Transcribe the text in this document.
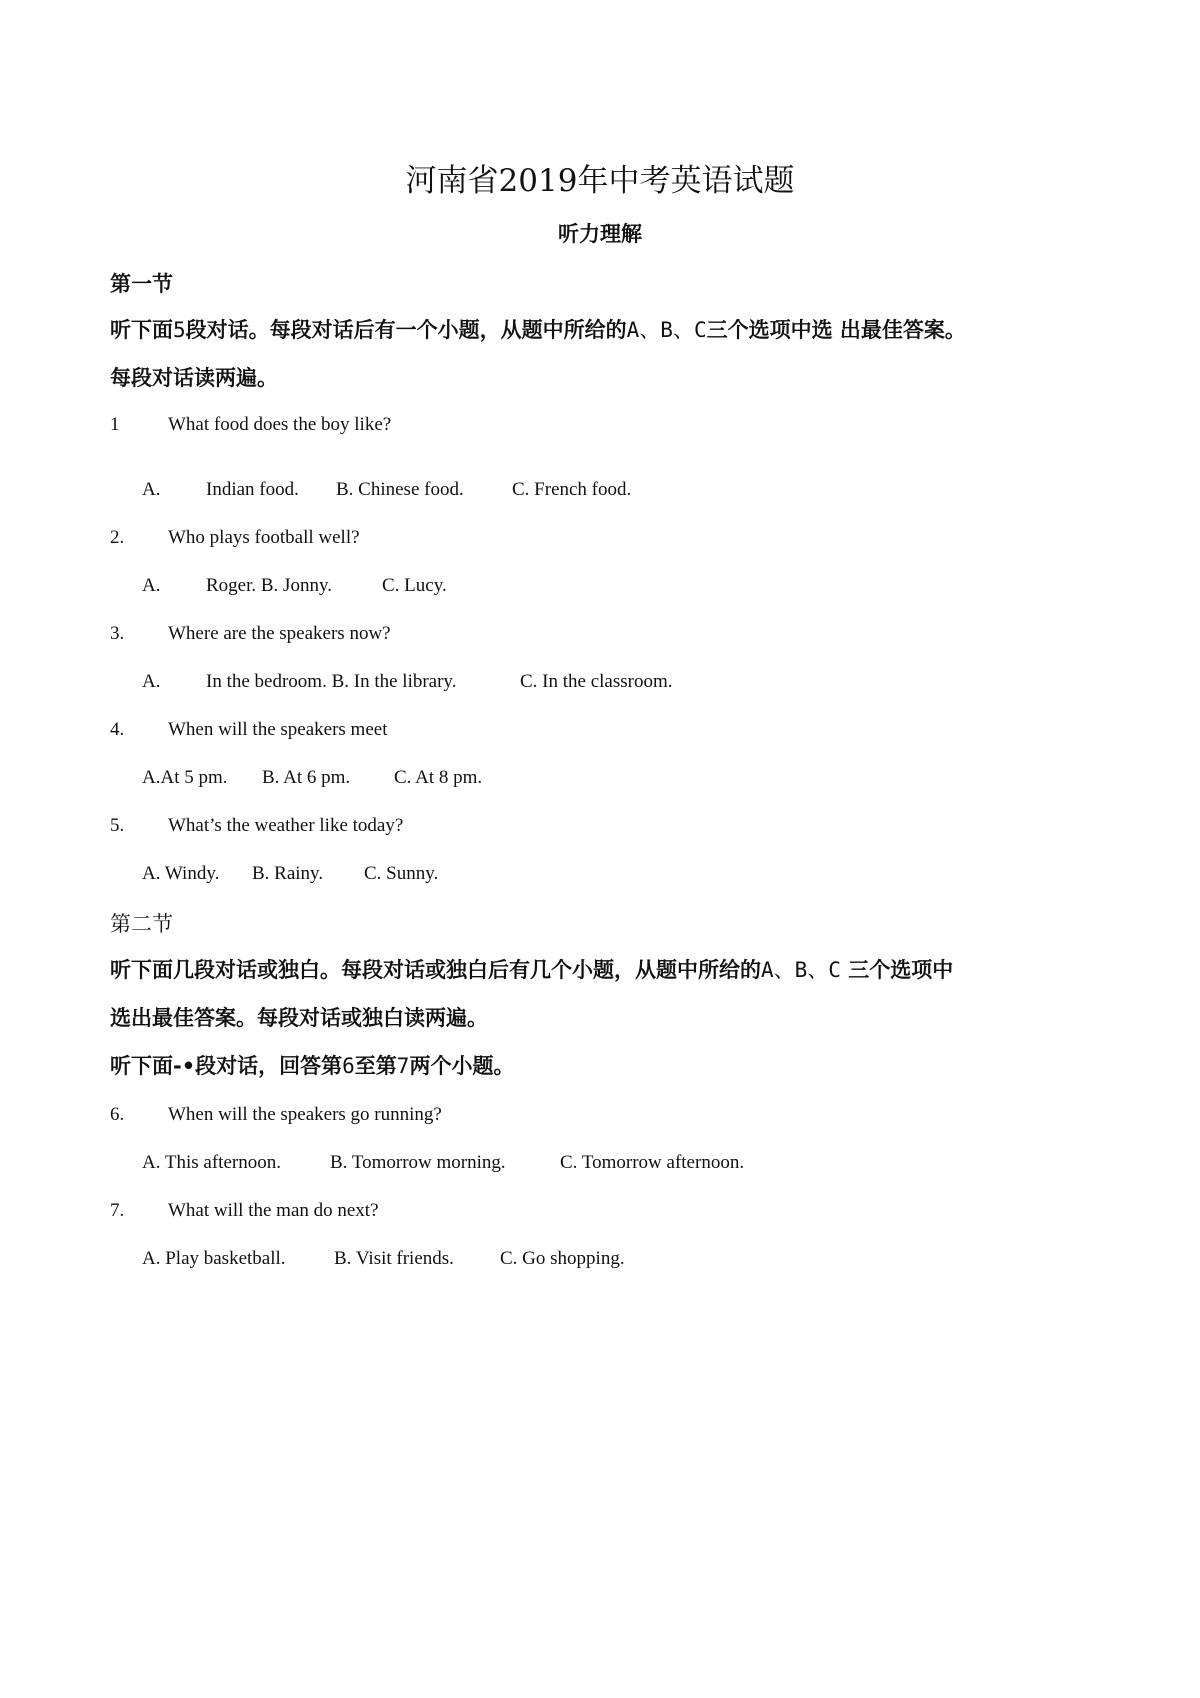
河南省2019年中考英语试题
听力理解
第一节
听下面5段对话。每段对话后有一个小题，从题中所给的A、B、C三个选项中选 出最佳答案。
每段对话读两遍。
1	What food does the boy like?
A. Indian food. B. Chinese food.	C. French food.
2. Who plays football well?
A. Roger. B. Jonny.	C. Lucy.
3. Where are the speakers now?
A. In the bedroom. B. In the library.	C. In the classroom.
4. When will the speakers meet
A.At 5 pm. B. At 6 pm. C. At 8 pm.
5. What’s the weather like today?
A. Windy. B. Rainy. C. Sunny.
第二节
听下面几段对话或独白。每段对话或独白后有几个小题，从题中所给的A、B、C 三个选项中
选出最佳答案。每段对话或独白读两遍。
听下面-•段对话，回答第6至第7两个小题。
6. When will the speakers go running?
A. This afternoon.	B. Tomorrow morning.	C. Tomorrow afternoon.
7. What will the man do next?
A. Play basketball.	B. Visit friends. C. Go shopping.
